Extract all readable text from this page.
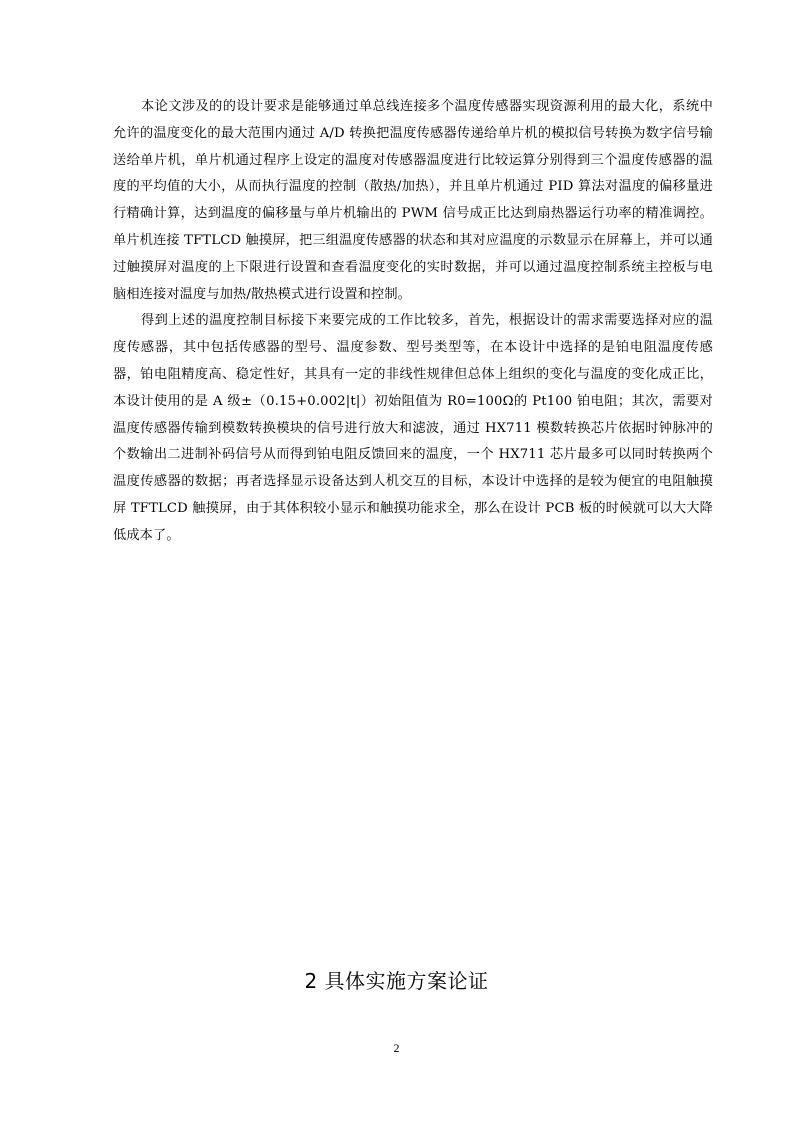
本论文涉及的的设计要求是能够通过单总线连接多个温度传感器实现资源利用的最大化，系统中允许的温度变化的最大范围内通过 A/D 转换把温度传感器传递给单片机的模拟信号转换为数字信号输送给单片机，单片机通过程序上设定的温度对传感器温度进行比较运算分别得到三个温度传感器的温度的平均值的大小，从而执行温度的控制（散热/加热），并且单片机通过 PID 算法对温度的偏移量进行精确计算，达到温度的偏移量与单片机输出的 PWM 信号成正比达到扇热器运行功率的精准调控。单片机连接 TFTLCD 触摸屏，把三组温度传感器的状态和其对应温度的示数显示在屏幕上，并可以通过触摸屏对温度的上下限进行设置和查看温度变化的实时数据，并可以通过温度控制系统主控板与电脑相连接对温度与加热/散热模式进行设置和控制。

得到上述的温度控制目标接下来要完成的工作比较多，首先，根据设计的需求需要选择对应的温度传感器，其中包括传感器的型号、温度参数、型号类型等，在本设计中选择的是铂电阻温度传感器，铂电阻精度高、稳定性好，其具有一定的非线性规律但总体上组织的变化与温度的变化成正比，本设计使用的是 A 级±（0.15+0.002|t|）初始阻值为 R0=100Ω的 Pt100 铂电阻；其次，需要对温度传感器传输到模数转换模块的信号进行放大和滤波，通过 HX711 模数转换芯片依据时钟脉冲的个数输出二进制补码信号从而得到铂电阻反馈回来的温度，一个 HX711 芯片最多可以同时转换两个温度传感器的数据；再者选择显示设备达到人机交互的目标，本设计中选择的是较为便宜的电阻触摸屏 TFTLCD 触摸屏，由于其体积较小显示和触摸功能求全，那么在设计 PCB 板的时候就可以大大降低成本了。

2 具体实施方案论证
2
